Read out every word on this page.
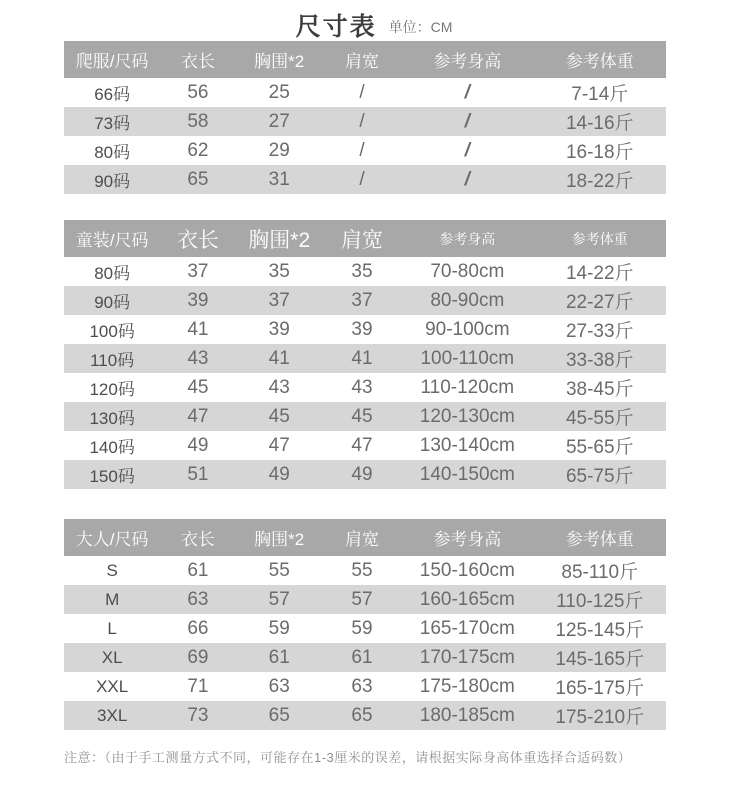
尺寸表 单位：CM
爬服/尺码	衣长	胸围*2	肩宽	参考身高	参考体重
66码	56	25	/	/	7-14斤
73码	58	27	/	/	14-16斤
80码	62	29	/	/	16-18斤
90码	65	31	/	/	18-22斤
童装/尺码	衣长	胸围*2	肩宽	参考身高	参考体重
80码	37	35	35	70-80cm	14-22斤
90码	39	37	37	80-90cm	22-27斤
100码	41	39	39	90-100cm	27-33斤
110码	43	41	41	100-110cm	33-38斤
120码	45	43	43	110-120cm	38-45斤
130码	47	45	45	120-130cm	45-55斤
140码	49	47	47	130-140cm	55-65斤
150码	51	49	49	140-150cm	65-75斤
大人/尺码	衣长	胸围*2	肩宽	参考身高	参考体重
S	61	55	55	150-160cm	85-110斤
M	63	57	57	160-165cm	110-125斤
L	66	59	59	165-170cm	125-145斤
XL	69	61	61	170-175cm	145-165斤
XXL	71	63	63	175-180cm	165-175斤
3XL	73	65	65	180-185cm	175-210斤
注意：（由于手工测量方式不同，可能存在1-3厘米的误差，请根据实际身高体重选择合适码数）
